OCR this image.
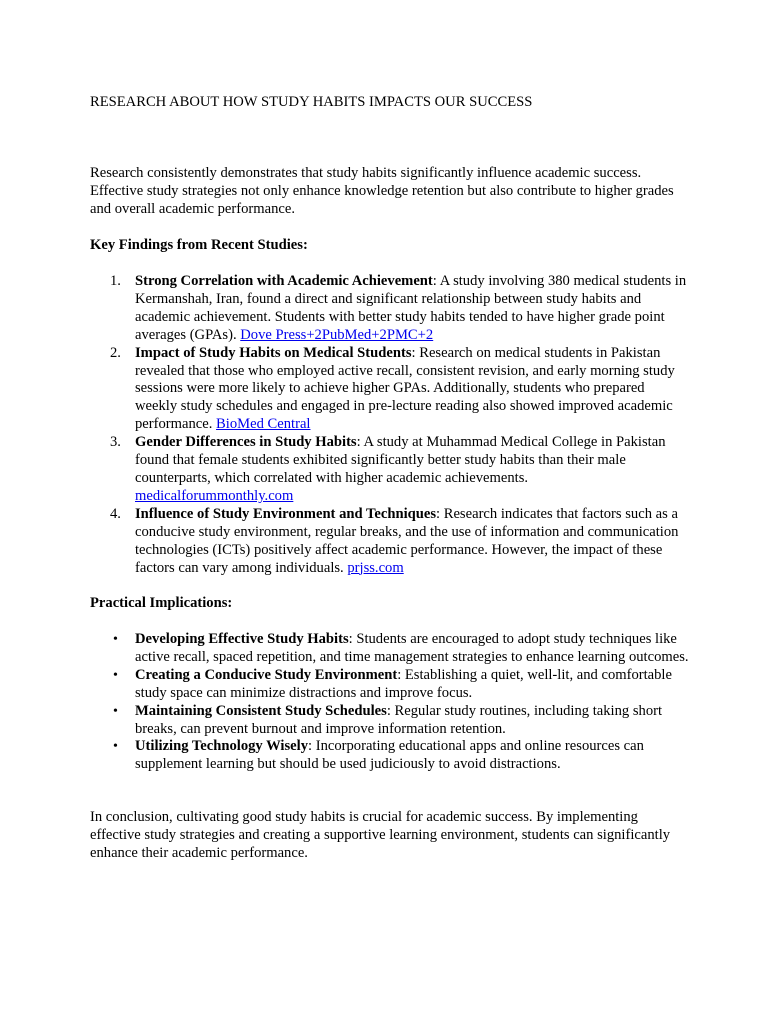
RESEARCH ABOUT HOW STUDY HABITS IMPACTS OUR SUCCESS

Research consistently demonstrates that study habits significantly influence academic success. Effective study strategies not only enhance knowledge retention but also contribute to higher grades and overall academic performance.

Key Findings from Recent Studies:

1. Strong Correlation with Academic Achievement: A study involving 380 medical students in Kermanshah, Iran, found a direct and significant relationship between study habits and academic achievement. Students with better study habits tended to have higher grade point averages (GPAs). Dove Press+2PubMed+2PMC+2
2. Impact of Study Habits on Medical Students: Research on medical students in Pakistan revealed that those who employed active recall, consistent revision, and early morning study sessions were more likely to achieve higher GPAs. Additionally, students who prepared weekly study schedules and engaged in pre-lecture reading also showed improved academic performance. BioMed Central
3. Gender Differences in Study Habits: A study at Muhammad Medical College in Pakistan found that female students exhibited significantly better study habits than their male counterparts, which correlated with higher academic achievements. medicalforummonthly.com
4. Influence of Study Environment and Techniques: Research indicates that factors such as a conducive study environment, regular breaks, and the use of information and communication technologies (ICTs) positively affect academic performance. However, the impact of these factors can vary among individuals. prjss.com

Practical Implications:

• Developing Effective Study Habits: Students are encouraged to adopt study techniques like active recall, spaced repetition, and time management strategies to enhance learning outcomes.
• Creating a Conducive Study Environment: Establishing a quiet, well-lit, and comfortable study space can minimize distractions and improve focus.
• Maintaining Consistent Study Schedules: Regular study routines, including taking short breaks, can prevent burnout and improve information retention.
• Utilizing Technology Wisely: Incorporating educational apps and online resources can supplement learning but should be used judiciously to avoid distractions.

In conclusion, cultivating good study habits is crucial for academic success. By implementing effective study strategies and creating a supportive learning environment, students can significantly enhance their academic performance.
